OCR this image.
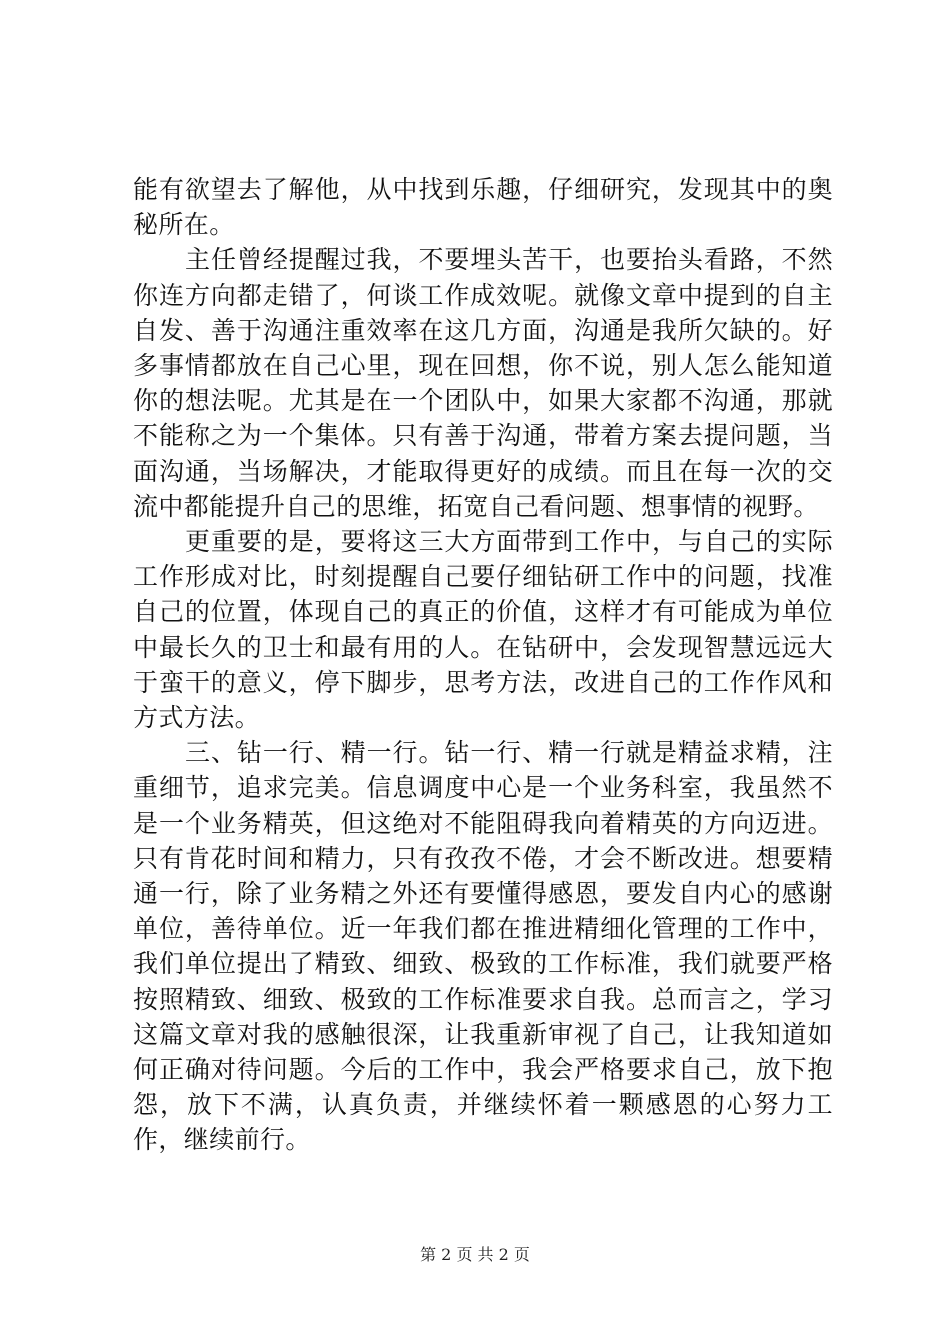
能有欲望去了解他，从中找到乐趣，仔细研究，发现其中的奥秘所在。

主任曾经提醒过我，不要埋头苦干，也要抬头看路，不然你连方向都走错了，何谈工作成效呢。就像文章中提到的自主自发、善于沟通注重效率在这几方面，沟通是我所欠缺的。好多事情都放在自己心里，现在回想，你不说，别人怎么能知道你的想法呢。尤其是在一个团队中，如果大家都不沟通，那就不能称之为一个集体。只有善于沟通，带着方案去提问题，当面沟通，当场解决，才能取得更好的成绩。而且在每一次的交流中都能提升自己的思维，拓宽自己看问题、想事情的视野。

更重要的是，要将这三大方面带到工作中，与自己的实际工作形成对比，时刻提醒自己要仔细钻研工作中的问题，找准自己的位置，体现自己的真正的价值，这样才有可能成为单位中最长久的卫士和最有用的人。在钻研中，会发现智慧远远大于蛮干的意义，停下脚步，思考方法，改进自己的工作作风和方式方法。

三、钻一行、精一行。钻一行、精一行就是精益求精，注重细节，追求完美。信息调度中心是一个业务科室，我虽然不是一个业务精英，但这绝对不能阻碍我向着精英的方向迈进。只有肯花时间和精力，只有孜孜不倦，才会不断改进。想要精通一行，除了业务精之外还有要懂得感恩，要发自内心的感谢单位，善待单位。近一年我们都在推进精细化管理的工作中，我们单位提出了精致、细致、极致的工作标准，我们就要严格按照精致、细致、极致的工作标准要求自我。总而言之，学习这篇文章对我的感触很深，让我重新审视了自己，让我知道如何正确对待问题。今后的工作中，我会严格要求自己，放下抱怨，放下不满，认真负责，并继续怀着一颗感恩的心努力工作，继续前行。

第 2 页 共 2 页
